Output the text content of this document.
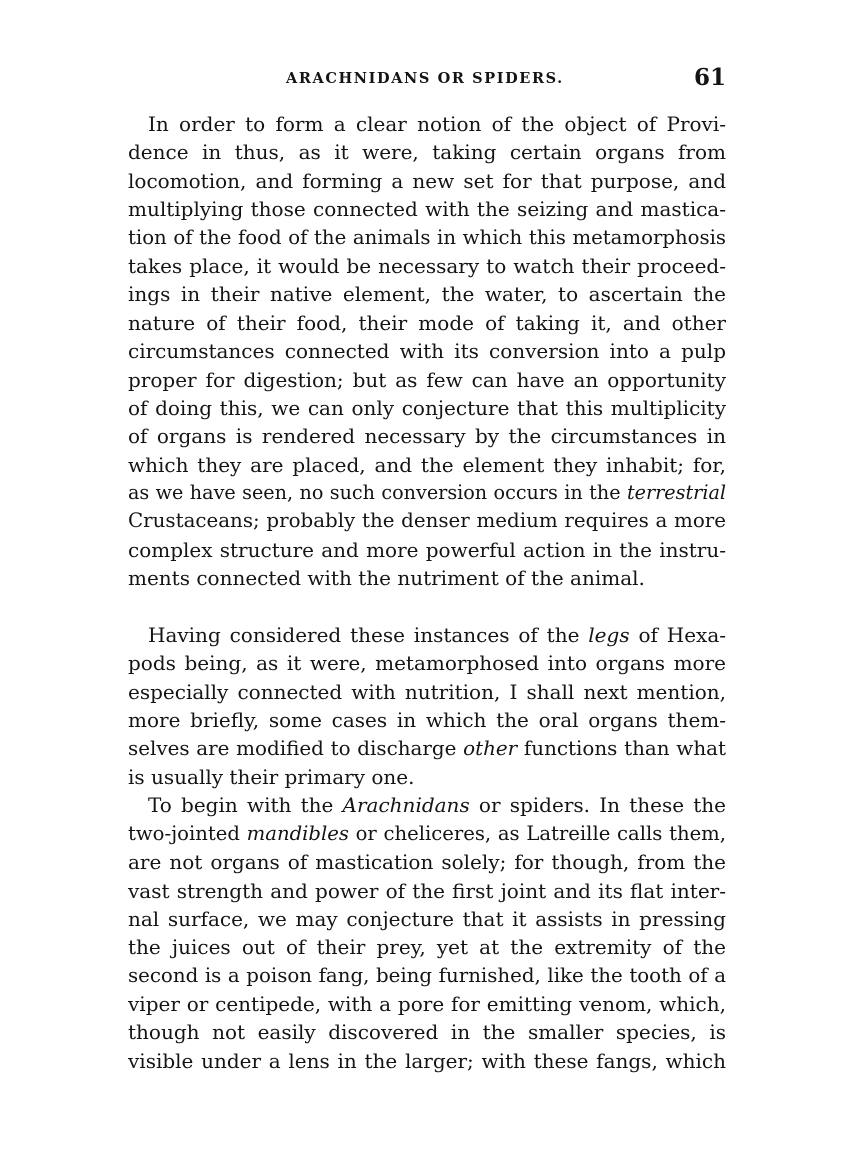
ARACHNIDANS OR SPIDERS.	61
In order to form a clear notion of the object of Provi-
dence in thus, as it were, taking certain organs from
locomotion, and forming a new set for that purpose, and
multiplying those connected with the seizing and mastica-
tion of the food of the animals in which this metamorphosis
takes place, it would be necessary to watch their proceed-
ings in their native element, the water, to ascertain the
nature of their food, their mode of taking it, and other
circumstances connected with its conversion into a pulp
proper for digestion; but as few can have an opportunity
of doing this, we can only conjecture that this multiplicity
of organs is rendered necessary by the circumstances in
which they are placed, and the element they inhabit; for,
as we have seen, no such conversion occurs in the terrestrial
Crustaceans; probably the denser medium requires a more
complex structure and more powerful action in the instru-
ments connected with the nutriment of the animal.
Having considered these instances of the legs of Hexa-
pods being, as it were, metamorphosed into organs more
especially connected with nutrition, I shall next mention,
more briefly, some cases in which the oral organs them-
selves are modified to discharge other functions than what
is usually their primary one.
To begin with the Arachnidans or spiders. In these the
two-jointed mandibles or cheliceres, as Latreille calls them,
are not organs of mastication solely; for though, from the
vast strength and power of the first joint and its flat inter-
nal surface, we may conjecture that it assists in pressing
the juices out of their prey, yet at the extremity of the
second is a poison fang, being furnished, like the tooth of a
viper or centipede, with a pore for emitting venom, which,
though not easily discovered in the smaller species, is
visible under a lens in the larger; with these fangs, which
